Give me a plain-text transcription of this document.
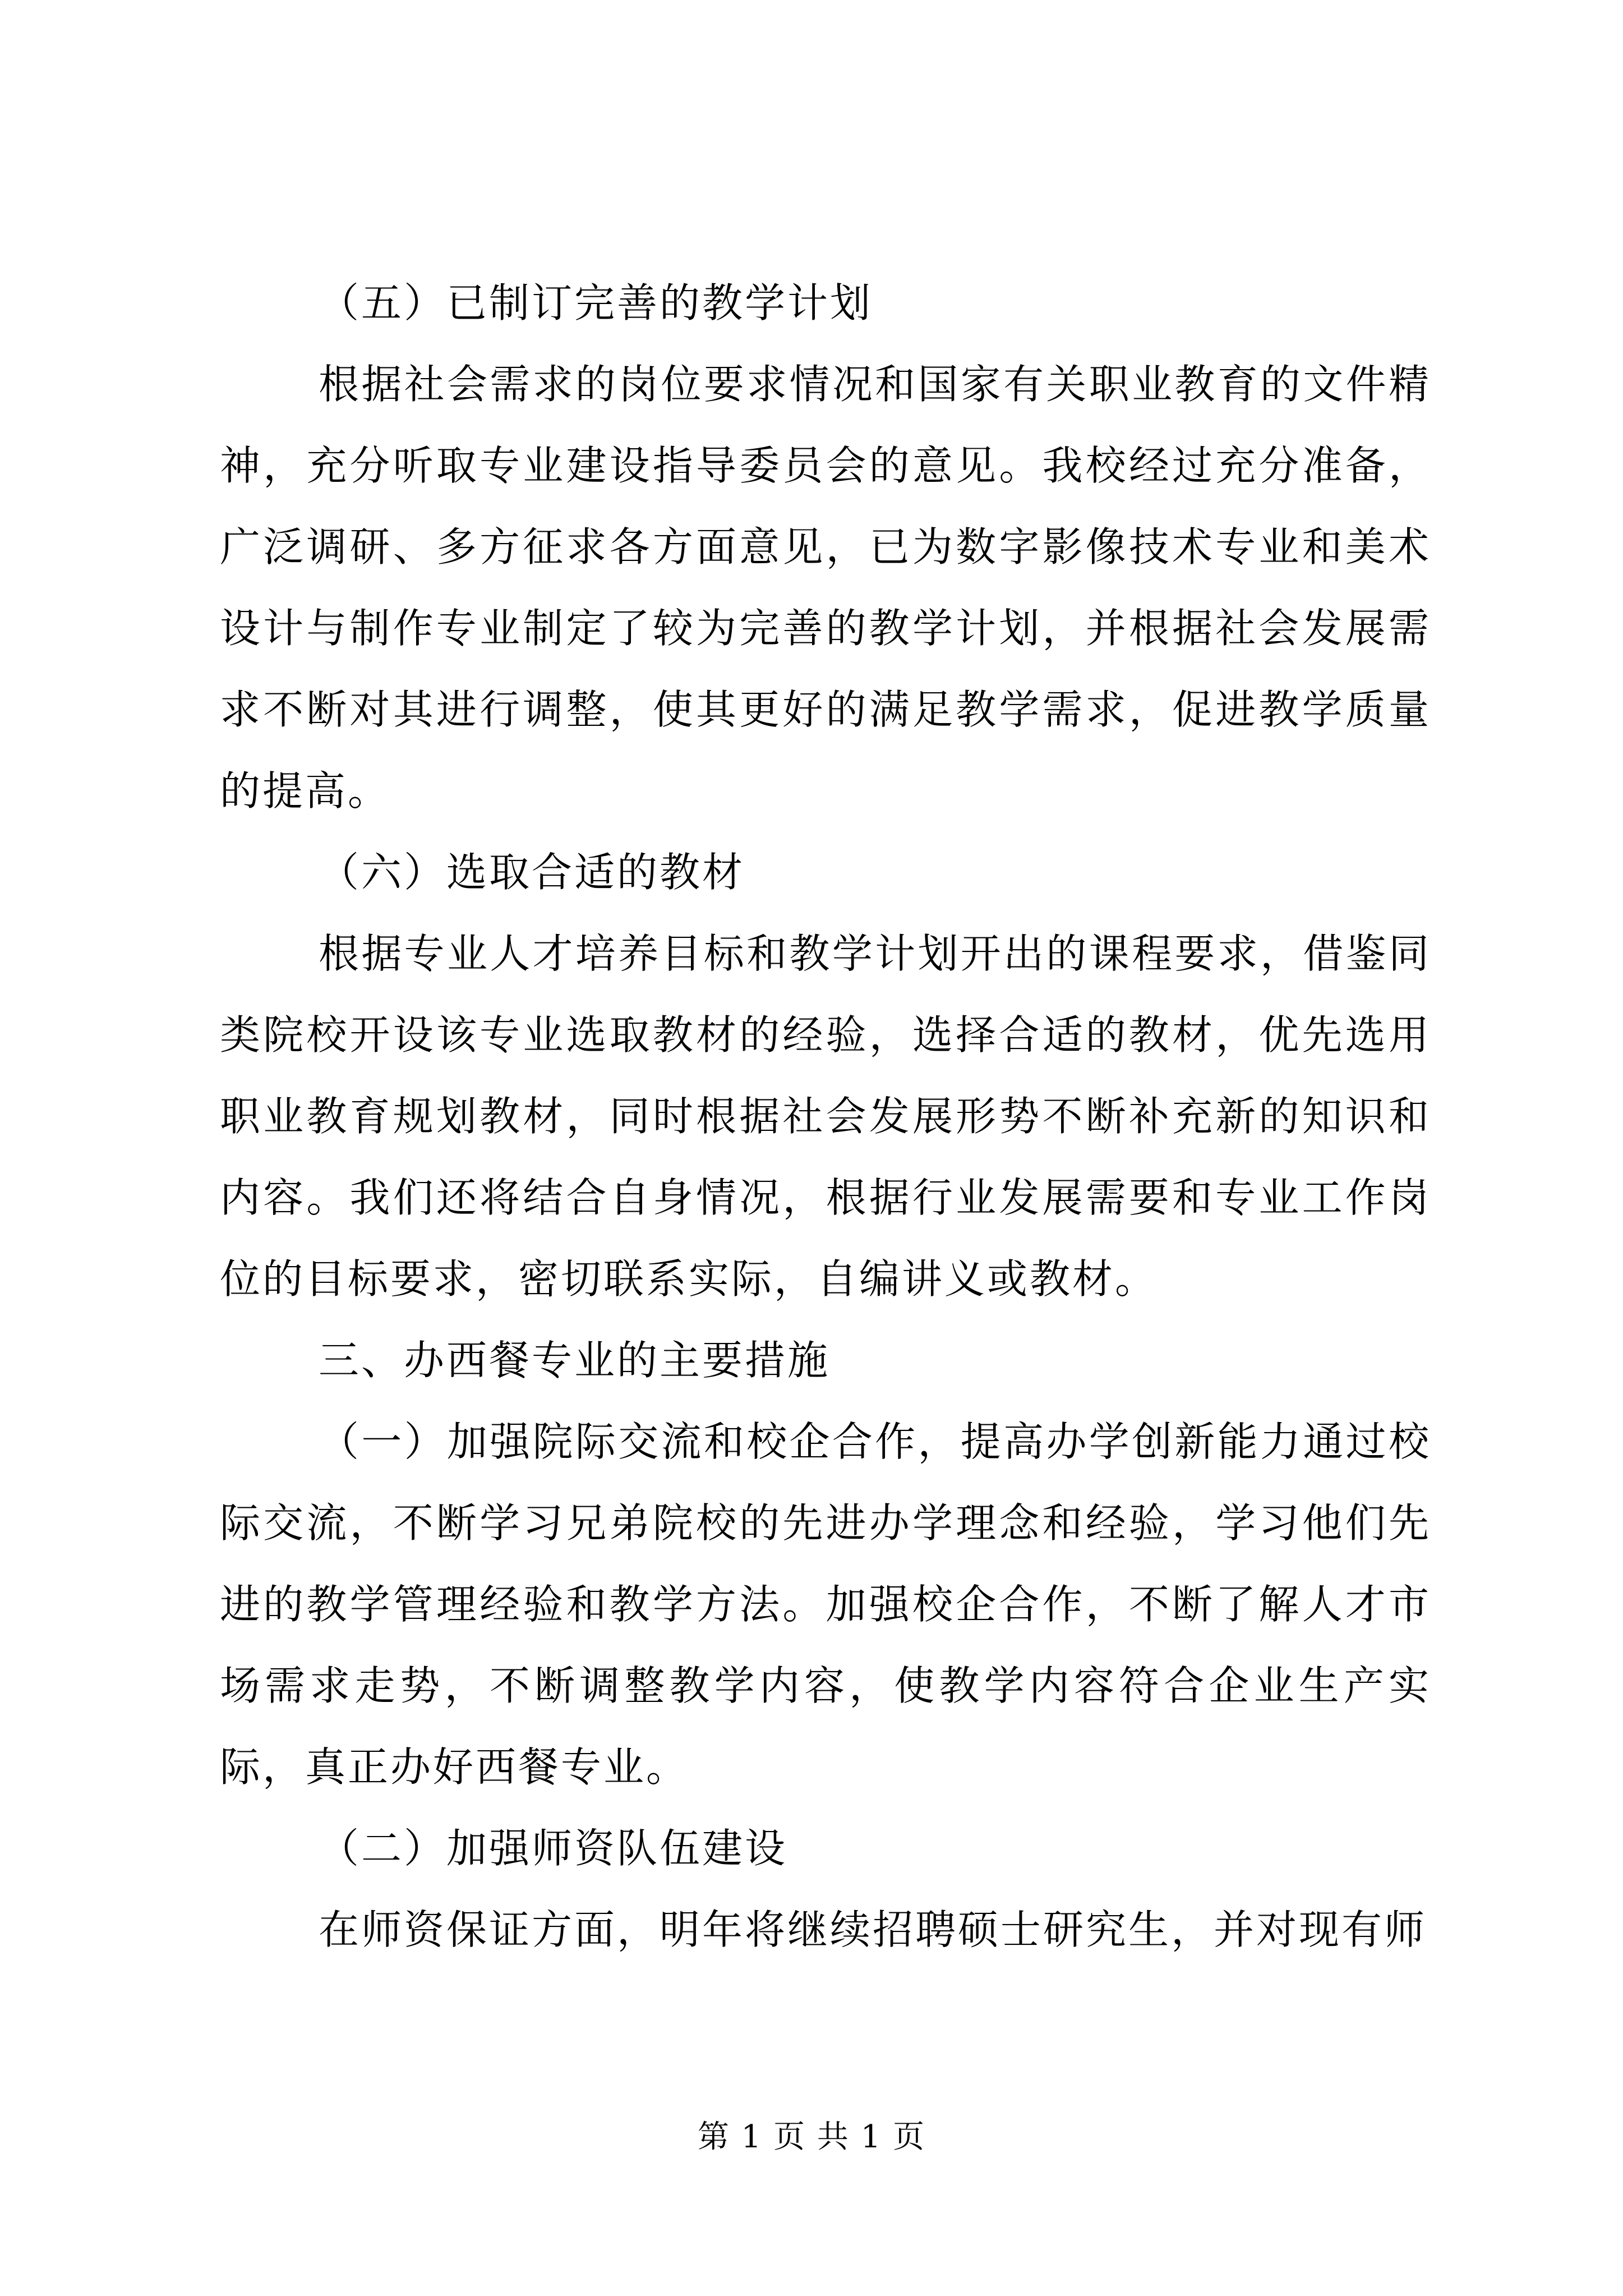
（五）已制订完善的教学计划

根据社会需求的岗位要求情况和国家有关职业教育的文件精神，充分听取专业建设指导委员会的意见。我校经过充分准备，广泛调研、多方征求各方面意见，已为数字影像技术专业和美术设计与制作专业制定了较为完善的教学计划，并根据社会发展需求不断对其进行调整，使其更好的满足教学需求，促进教学质量的提高。

（六）选取合适的教材

根据专业人才培养目标和教学计划开出的课程要求，借鉴同类院校开设该专业选取教材的经验，选择合适的教材，优先选用职业教育规划教材，同时根据社会发展形势不断补充新的知识和内容。我们还将结合自身情况，根据行业发展需要和专业工作岗位的目标要求，密切联系实际，自编讲义或教材。

三、办西餐专业的主要措施

（一）加强院际交流和校企合作，提高办学创新能力通过校际交流，不断学习兄弟院校的先进办学理念和经验，学习他们先进的教学管理经验和教学方法。加强校企合作，不断了解人才市场需求走势，不断调整教学内容，使教学内容符合企业生产实际，真正办好西餐专业。

（二）加强师资队伍建设

在师资保证方面，明年将继续招聘硕士研究生，并对现有师

第 1 页 共 1 页
